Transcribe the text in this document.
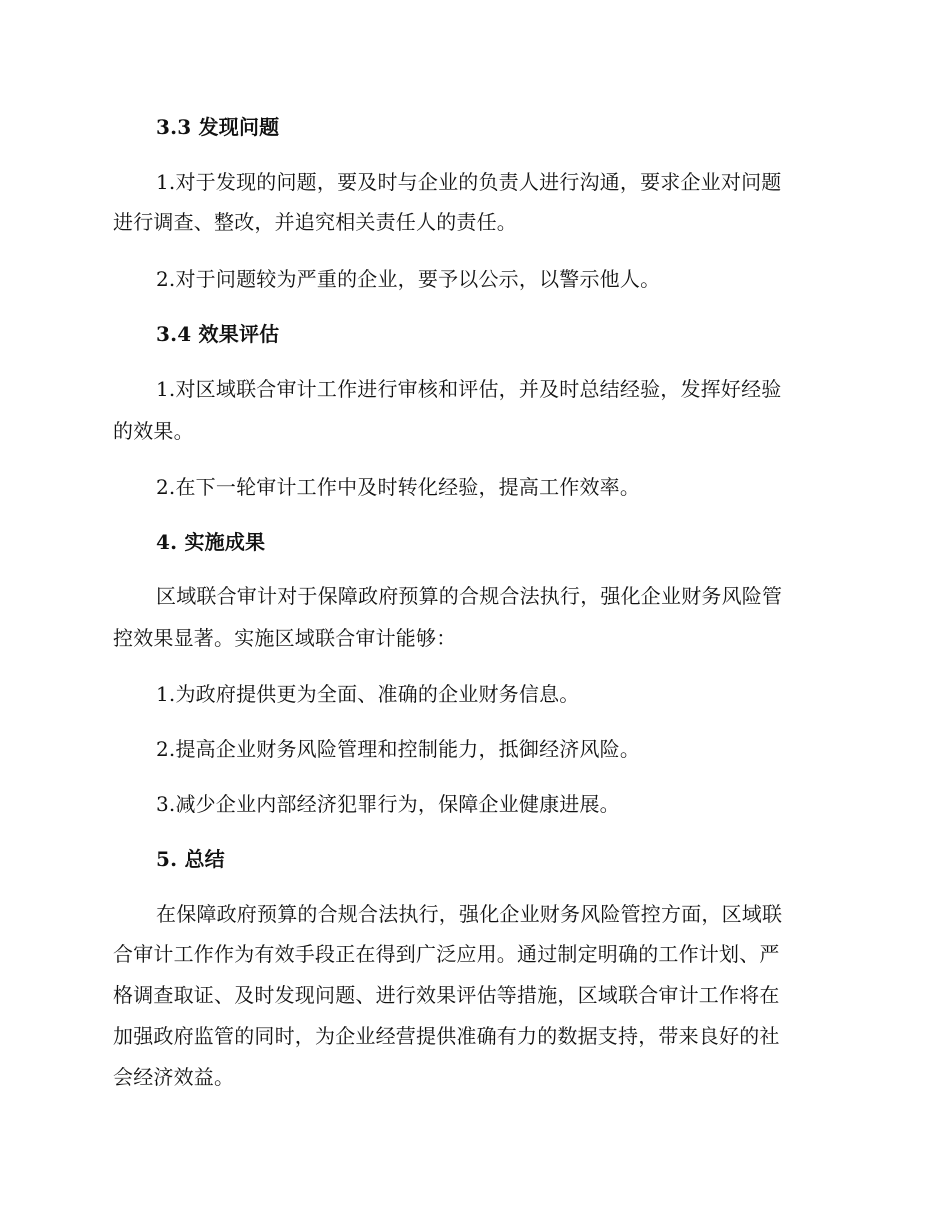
3.3 发现问题
1.对于发现的问题，要及时与企业的负责人进行沟通，要求企业对问题
进行调查、整改，并追究相关责任人的责任。
2.对于问题较为严重的企业，要予以公示，以警示他人。
3.4 效果评估
1.对区域联合审计工作进行审核和评估，并及时总结经验，发挥好经验
的效果。
2.在下一轮审计工作中及时转化经验，提高工作效率。
4. 实施成果
区域联合审计对于保障政府预算的合规合法执行，强化企业财务风险管
控效果显著。实施区域联合审计能够：
1.为政府提供更为全面、准确的企业财务信息。
2.提高企业财务风险管理和控制能力，抵御经济风险。
3.减少企业内部经济犯罪行为，保障企业健康进展。
5. 总结
在保障政府预算的合规合法执行，强化企业财务风险管控方面，区域联
合审计工作作为有效手段正在得到广泛应用。通过制定明确的工作计划、严
格调查取证、及时发现问题、进行效果评估等措施，区域联合审计工作将在
加强政府监管的同时，为企业经营提供准确有力的数据支持，带来良好的社
会经济效益。
